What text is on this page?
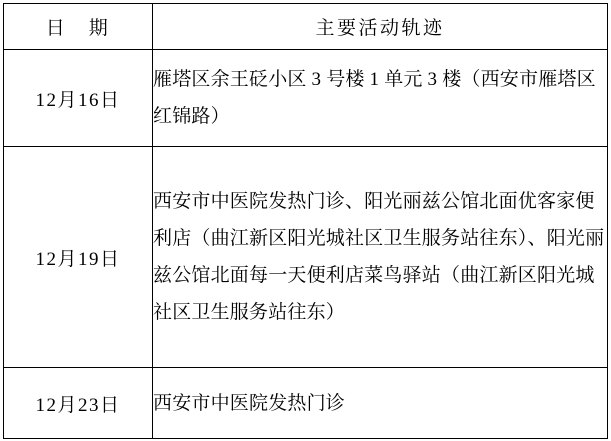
日　期	主要活动轨迹
12月16日	雁塔区余王砭小区 3 号楼 1 单元 3 楼（西安市雁塔区红锦路）
12月19日	西安市中医院发热门诊、阳光丽兹公馆北面优客家便利店（曲江新区阳光城社区卫生服务站往东）、阳光丽兹公馆北面每一天便利店菜鸟驿站（曲江新区阳光城社区卫生服务站往东）
12月23日	西安市中医院发热门诊
